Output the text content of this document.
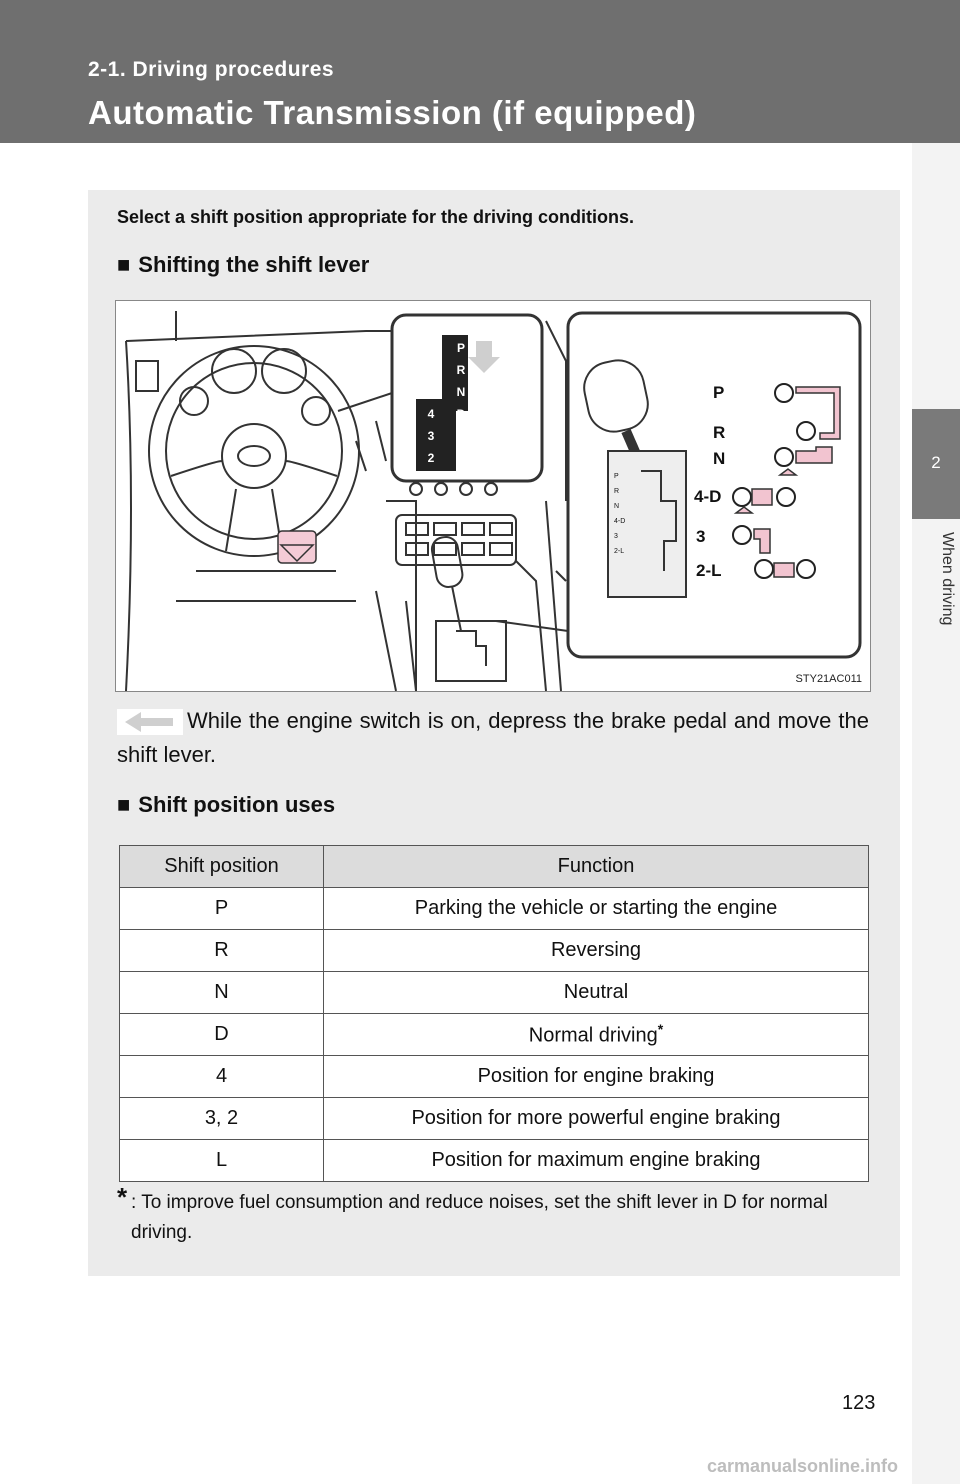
2-1. Driving procedures
Automatic Transmission (if equipped)
2
When driving
Select a shift position appropriate for the driving conditions.
■ Shifting the shift lever
P
R
N
D
4
3
2	L
P
R
N
4-D
3
2-L
P
R
N
4-D
3
2-L
STY21AC011
While the engine switch is on, depress the brake pedal and move the shift lever.
■ Shift position uses
Shift position	Function
P	Parking the vehicle or starting the engine
R	Reversing
N	Neutral
D	Normal driving*
4	Position for engine braking
3, 2	Position for more powerful engine braking
L	Position for maximum engine braking
* : To improve fuel consumption and reduce noises, set the shift lever in D for normal driving.
123
carmanualsonline.info
